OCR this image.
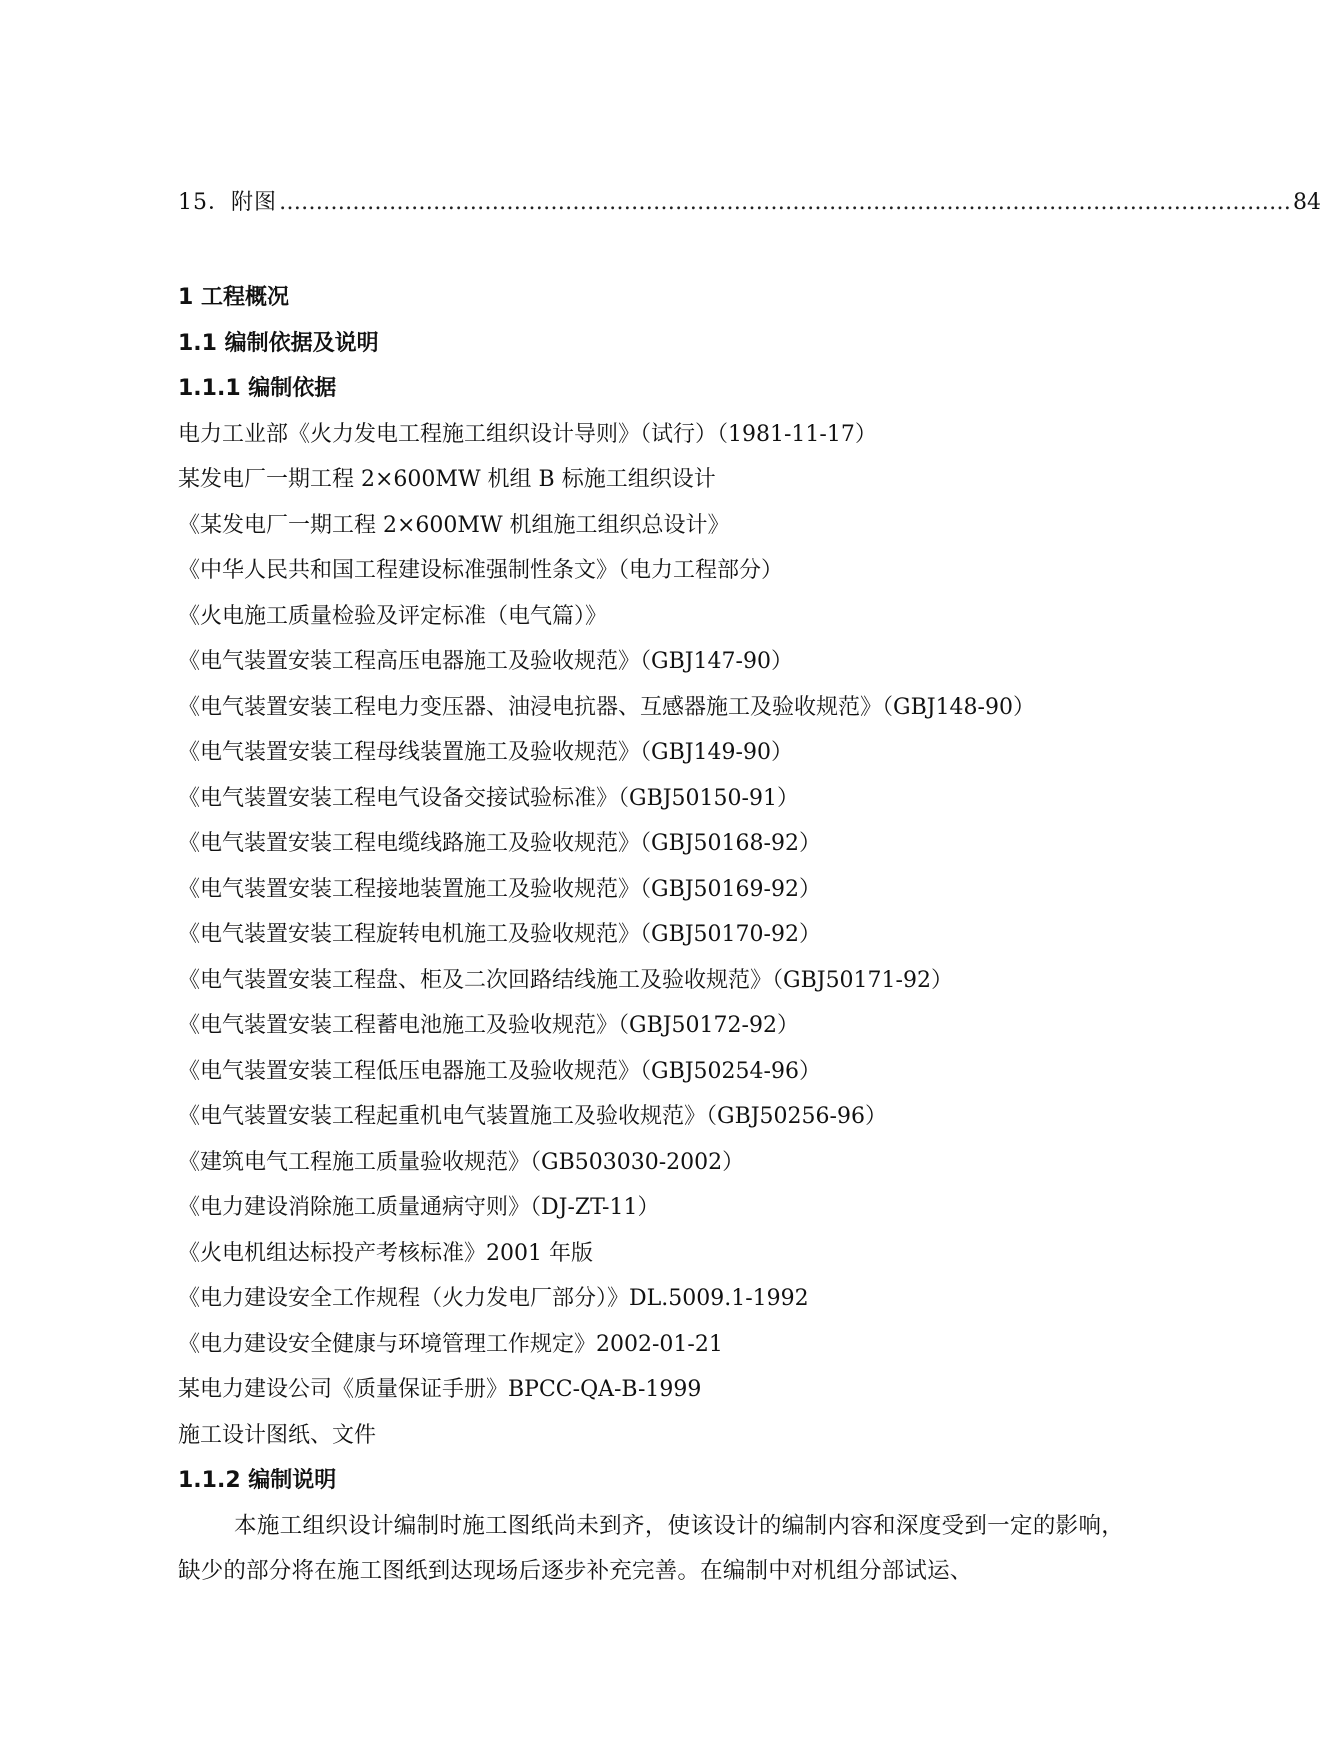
15．附图 ………………………………………………………………………………………………………………………… 84
1 工程概况
1.1 编制依据及说明
1.1.1 编制依据
电力工业部《火力发电工程施工组织设计导则》（试行）（1981-11-17）
某发电厂一期工程 2×600MW 机组 B 标施工组织设计
《某发电厂一期工程 2×600MW 机组施工组织总设计》
《中华人民共和国工程建设标准强制性条文》（电力工程部分）
《火电施工质量检验及评定标准（电气篇）》
《电气装置安装工程高压电器施工及验收规范》（GBJ147-90）
《电气装置安装工程电力变压器、油浸电抗器、互感器施工及验收规范》（GBJ148-90）
《电气装置安装工程母线装置施工及验收规范》（GBJ149-90）
《电气装置安装工程电气设备交接试验标准》（GBJ50150-91）
《电气装置安装工程电缆线路施工及验收规范》（GBJ50168-92）
《电气装置安装工程接地装置施工及验收规范》（GBJ50169-92）
《电气装置安装工程旋转电机施工及验收规范》（GBJ50170-92）
《电气装置安装工程盘、柜及二次回路结线施工及验收规范》（GBJ50171-92）
《电气装置安装工程蓄电池施工及验收规范》（GBJ50172-92）
《电气装置安装工程低压电器施工及验收规范》（GBJ50254-96）
《电气装置安装工程起重机电气装置施工及验收规范》（GBJ50256-96）
《建筑电气工程施工质量验收规范》（GB503030-2002）
《电力建设消除施工质量通病守则》（DJ-ZT-11）
《火电机组达标投产考核标准》2001 年版
《电力建设安全工作规程（火力发电厂部分）》DL.5009.1-1992
《电力建设安全健康与环境管理工作规定》2002-01-21
某电力建设公司《质量保证手册》BPCC-QA-B-1999
施工设计图纸、文件
1.1.2 编制说明
本施工组织设计编制时施工图纸尚未到齐，使该设计的编制内容和深度受到一定的影响，缺少的部分将在施工图纸到达现场后逐步补充完善。在编制中对机组分部试运、
